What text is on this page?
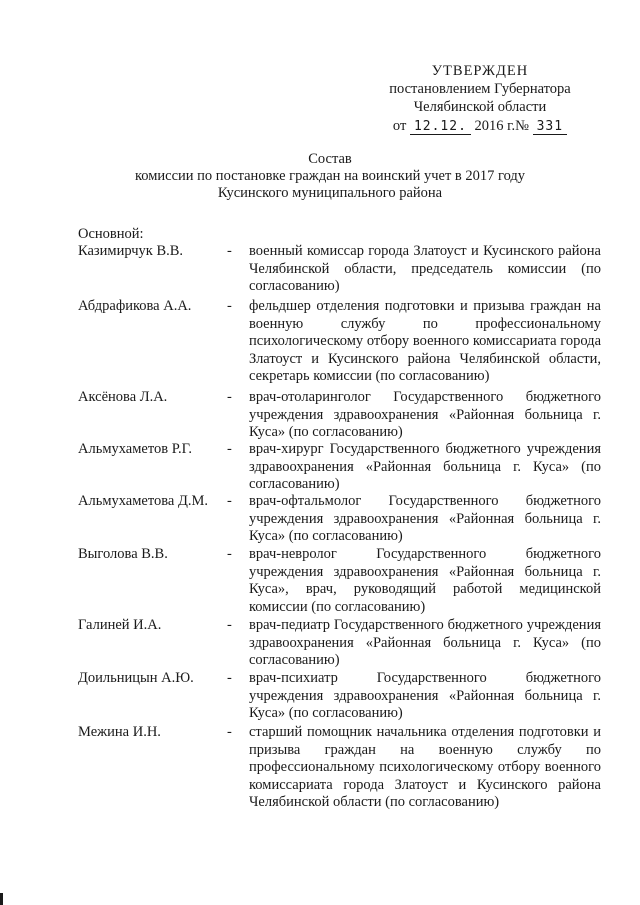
УТВЕРЖДЕН
постановлением Губернатора
Челябинской области
от 12.12. 2016 г.№ 331
Состав
комиссии по постановке граждан на воинский учет в 2017 году
Кусинского муниципального района
Основной:
Казимирчук В.В.	- военный комиссар города Златоуст и Кусинского района Челябинской области, председатель комиссии (по согласованию)
Абдрафикова А.А.	- фельдшер отделения подготовки и призыва граждан на военную службу по профессиональному психологическому отбору военного комиссариата города Златоуст и Кусинского района Челябинской области, секретарь комиссии (по согласованию)
Аксёнова Л.А.	- врач-отоларинголог Государственного бюджетного учреждения здравоохранения «Районная больница г. Куса» (по согласованию)
Альмухаметов Р.Г.	- врач-хирург Государственного бюджетного учреждения здравоохранения «Районная больница г. Куса» (по согласованию)
Альмухаметова Д.М.	- врач-офтальмолог Государственного бюджетного учреждения здравоохранения «Районная больница г. Куса» (по согласованию)
Выголова В.В.	- врач-невролог Государственного бюджетного учреждения здравоохранения «Районная больница г. Куса», врач, руководящий работой медицинской комиссии (по согласованию)
Галиней И.А.	- врач-педиатр Государственного бюджетного учреждения здравоохранения «Районная больница г. Куса» (по согласованию)
Доильницын А.Ю.	- врач-психиатр Государственного бюджетного учреждения здравоохранения «Районная больница г. Куса» (по согласованию)
Межина И.Н.	- старший помощник начальника отделения подготовки и призыва граждан на военную службу по профессиональному психологическому отбору военного комиссариата города Златоуст и Кусинского района Челябинской области (по согласованию)
